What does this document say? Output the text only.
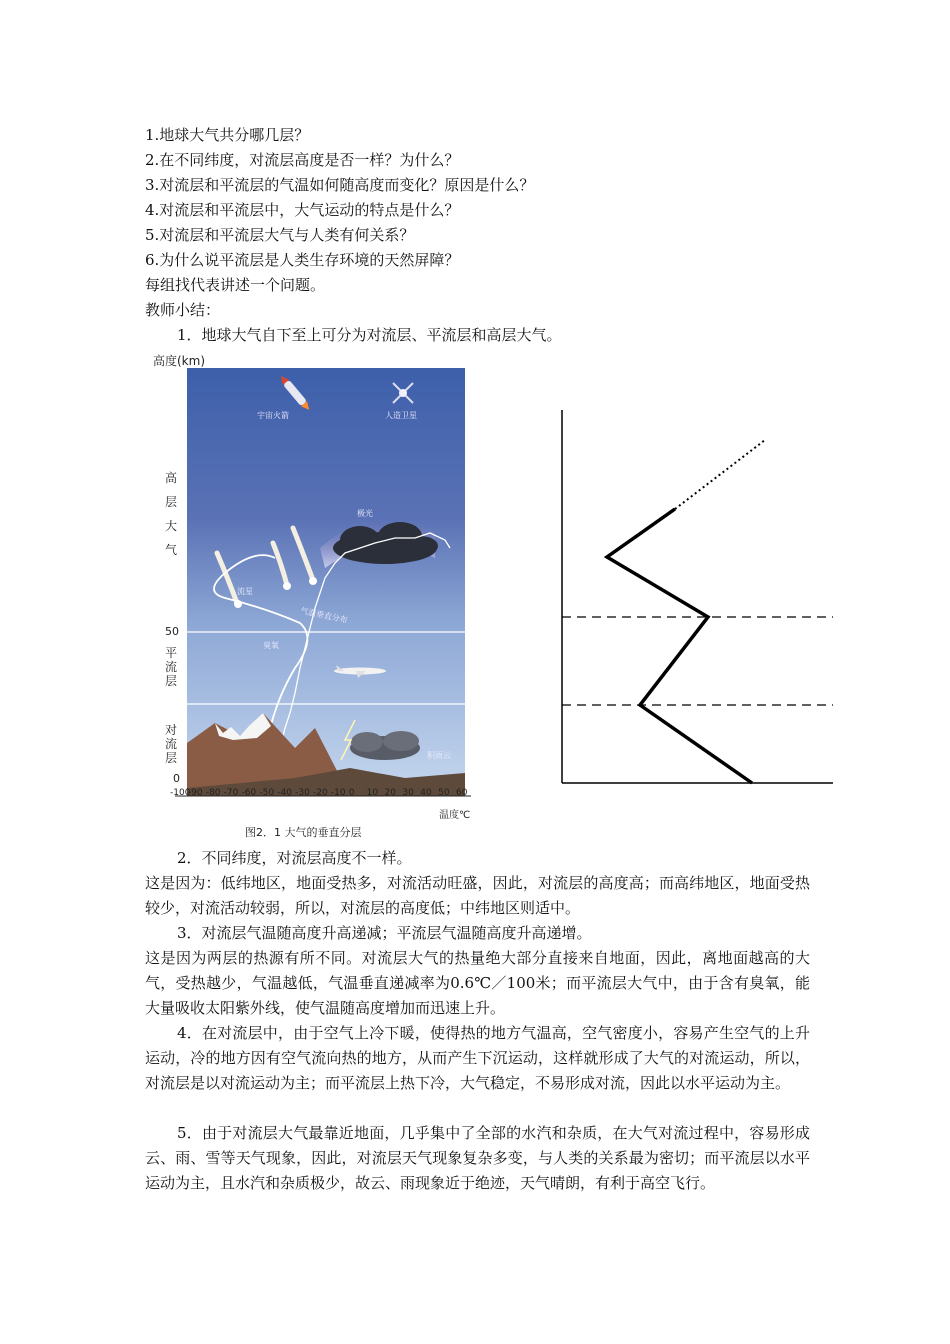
1.地球大气共分哪几层？
2.在不同纬度，对流层高度是否一样？为什么？
3.对流层和平流层的气温如何随高度而变化？原因是什么？
4.对流层和平流层中，大气运动的特点是什么？
5.对流层和平流层大气与人类有何关系？
6.为什么说平流层是人类生存环境的天然屏障？
每组找代表讲述一个问题。
教师小结：
1．地球大气自下至上可分为对流层、平流层和高层大气。
高度(km)
高层大气
平流层
对流层
50
0
宇宙火箭	人造卫星
极光
流星
气温垂直分布
臭氧
积雨云
-100
-90 -80 -70 -60 -50 -40 -30 -20 -10 0 10 20 30 40 50 60
温度℃
图2．1 大气的垂直分层
2．不同纬度，对流层高度不一样。
这是因为：低纬地区，地面受热多，对流活动旺盛，因此，对流层的高度高；而高纬地区，地面受热较少，对流活动较弱，所以，对流层的高度低；中纬地区则适中。
3．对流层气温随高度升高递减；平流层气温随高度升高递增。
这是因为两层的热源有所不同。对流层大气的热量绝大部分直接来自地面，因此，离地面越高的大气，受热越少，气温越低，气温垂直递减率为0.6℃／100米；而平流层大气中，由于含有臭氧，能大量吸收太阳紫外线，使气温随高度增加而迅速上升。
4．在对流层中，由于空气上冷下暖，使得热的地方气温高，空气密度小，容易产生空气的上升运动，冷的地方因有空气流向热的地方，从而产生下沉运动，这样就形成了大气的对流运动，所以，对流层是以对流运动为主；而平流层上热下冷，大气稳定，不易形成对流，因此以水平运动为主。
5．由于对流层大气最靠近地面，几乎集中了全部的水汽和杂质，在大气对流过程中，容易形成云、雨、雪等天气现象，因此，对流层天气现象复杂多变，与人类的关系最为密切；而平流层以水平运动为主，且水汽和杂质极少，故云、雨现象近于绝迹，天气晴朗，有利于高空飞行。
